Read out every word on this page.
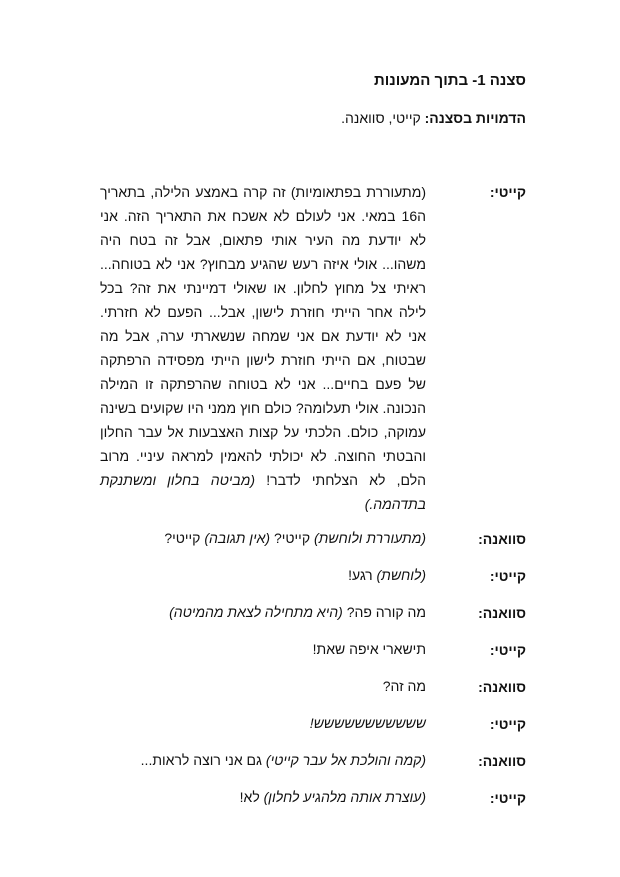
סצנה 1- בתוך המעונות
הדמויות בסצנה: קייטי, סוואנה.
קייטי:
(מתעוררת בפתאומיות) זה קרה באמצע הלילה, בתאריך ה16 במאי. אני לעולם לא אשכח את התאריך הזה. אני לא יודעת מה העיר אותי פתאום, אבל זה בטח היה משהו... אולי איזה רעש שהגיע מבחוץ? אני לא בטוחה... ראיתי צל מחוץ לחלון. או שאולי דמיינתי את זה? בכל לילה אחר הייתי חוזרת לישון, אבל... הפעם לא חזרתי. אני לא יודעת אם אני שמחה שנשארתי ערה, אבל מה שבטוח, אם הייתי חוזרת לישון הייתי מפסידה הרפתקה של פעם בחיים... אני לא בטוחה שהרפתקה זו המילה הנכונה. אולי תעלומה? כולם חוץ ממני היו שקועים בשינה עמוקה, כולם. הלכתי על קצות האצבעות אל עבר החלון והבטתי החוצה. לא יכולתי להאמין למראה עיניי. מרוב הלם, לא הצלחתי לדבר! (מביטה בחלון ומשתנקת בתדהמה.)
סוואנה:
(מתעוררת ולוחשת) קייטי? (אין תגובה) קייטי?
קייטי:
(לוחשת) רגע!
סוואנה:
מה קורה פה? (היא מתחילה לצאת מהמיטה)
קייטי:
תישארי איפה שאת!
סוואנה:
מה זה?
קייטי:
ששששששששששש!
סוואנה:
(קמה והולכת אל עבר קייטי) גם אני רוצה לראות...
קייטי:
(עוצרת אותה מלהגיע לחלון) לא!
